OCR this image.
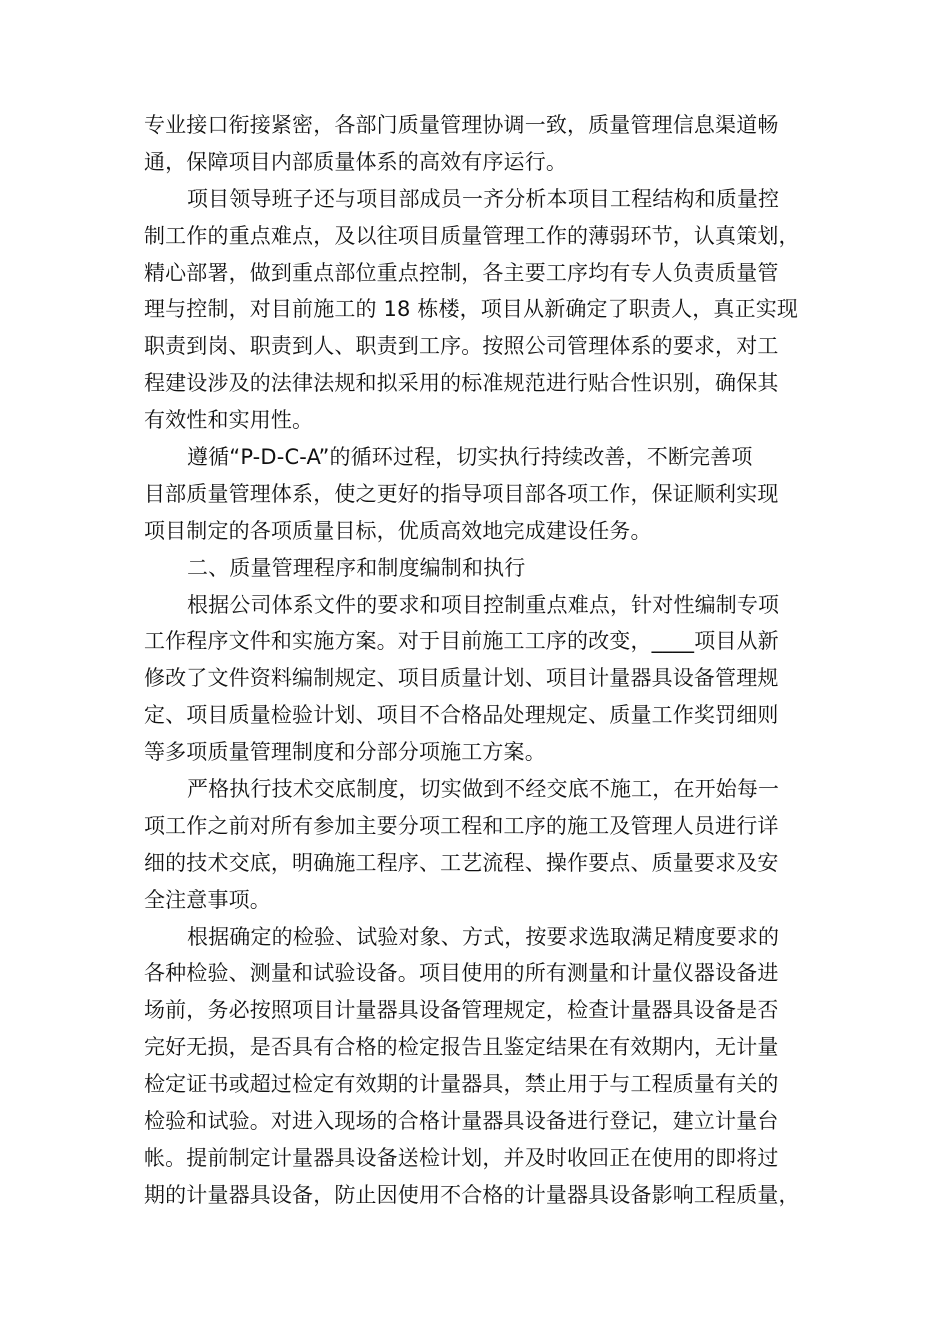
专业接口衔接紧密，各部门质量管理协调一致，质量管理信息渠道畅
通，保障项目内部质量体系的高效有序运行。
项目领导班子还与项目部成员一齐分析本项目工程结构和质量控
制工作的重点难点，及以往项目质量管理工作的薄弱环节，认真策划，
精心部署，做到重点部位重点控制，各主要工序均有专人负责质量管
理与控制，对目前施工的 18 栋楼，项目从新确定了职责人，真正实现
职责到岗、职责到人、职责到工序。按照公司管理体系的要求，对工
程建设涉及的法律法规和拟采用的标准规范进行贴合性识别，确保其
有效性和实用性。
遵循“P-D-C-A”的循环过程，切实执行持续改善，不断完善项
目部质量管理体系，使之更好的指导项目部各项工作，保证顺利实现
项目制定的各项质量目标，优质高效地完成建设任务。
二、质量管理程序和制度编制和执行
根据公司体系文件的要求和项目控制重点难点，针对性编制专项
工作程序文件和实施方案。对于目前施工工序的改变，____项目从新
修改了文件资料编制规定、项目质量计划、项目计量器具设备管理规
定、项目质量检验计划、项目不合格品处理规定、质量工作奖罚细则
等多项质量管理制度和分部分项施工方案。
严格执行技术交底制度，切实做到不经交底不施工，在开始每一
项工作之前对所有参加主要分项工程和工序的施工及管理人员进行详
细的技术交底，明确施工程序、工艺流程、操作要点、质量要求及安
全注意事项。
根据确定的检验、试验对象、方式，按要求选取满足精度要求的
各种检验、测量和试验设备。项目使用的所有测量和计量仪器设备进
场前，务必按照项目计量器具设备管理规定，检查计量器具设备是否
完好无损，是否具有合格的检定报告且鉴定结果在有效期内，无计量
检定证书或超过检定有效期的计量器具，禁止用于与工程质量有关的
检验和试验。对进入现场的合格计量器具设备进行登记，建立计量台
帐。提前制定计量器具设备送检计划，并及时收回正在使用的即将过
期的计量器具设备，防止因使用不合格的计量器具设备影响工程质量，
